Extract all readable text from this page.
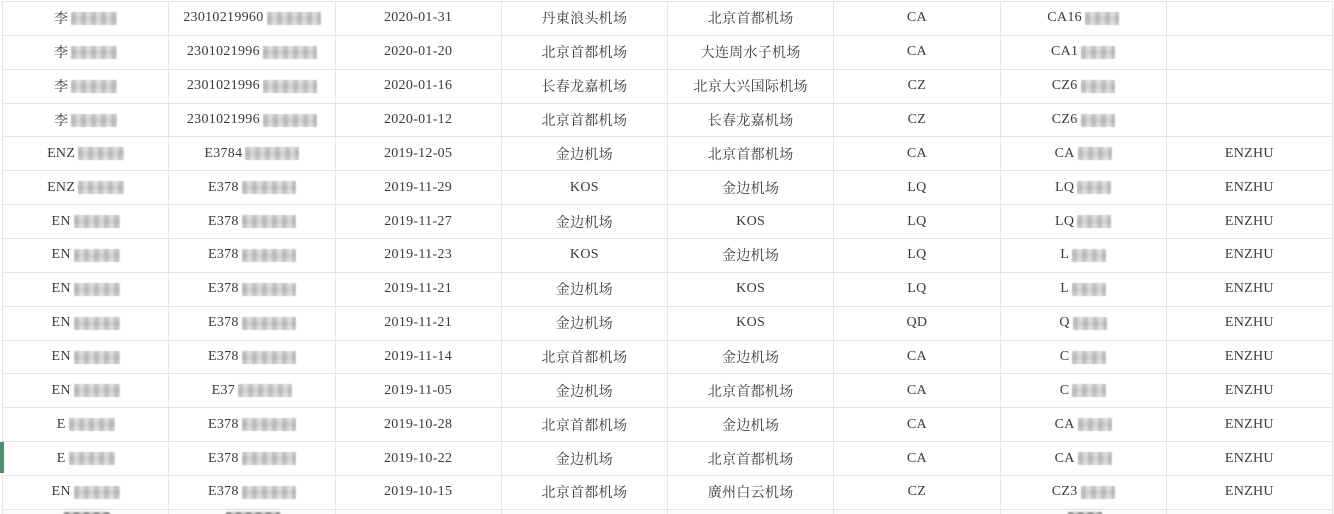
李	23010219960	2020-01-31	丹東浪头机场	北京首都机场	CA	CA16
李	2301021996	2020-01-20	北京首都机场	大连周水子机场	CA	CA1
李	2301021996	2020-01-16	长春龙嘉机场	北京大兴国际机场	CZ	CZ6
李	2301021996	2020-01-12	北京首都机场	长春龙嘉机场	CZ	CZ6
ENZ	E3784	2019-12-05	金边机场	北京首都机场	CA	CA	ENZHU
ENZ	E378	2019-11-29	KOS	金边机场	LQ	LQ	ENZHU
EN	E378	2019-11-27	金边机场	KOS	LQ	LQ	ENZHU
EN	E378	2019-11-23	KOS	金边机场	LQ	L	ENZHU
EN	E378	2019-11-21	金边机场	KOS	LQ	L	ENZHU
EN	E378	2019-11-21	金边机场	KOS	QD	Q	ENZHU
EN	E378	2019-11-14	北京首都机场	金边机场	CA	C	ENZHU
EN	E37	2019-11-05	金边机场	北京首都机场	CA	C	ENZHU
E	E378	2019-10-28	北京首都机场	金边机场	CA	CA	ENZHU
E	E378	2019-10-22	金边机场	北京首都机场	CA	CA	ENZHU
EN	E378	2019-10-15	北京首都机场	廣州白云机场	CZ	CZ3	ENZHU
